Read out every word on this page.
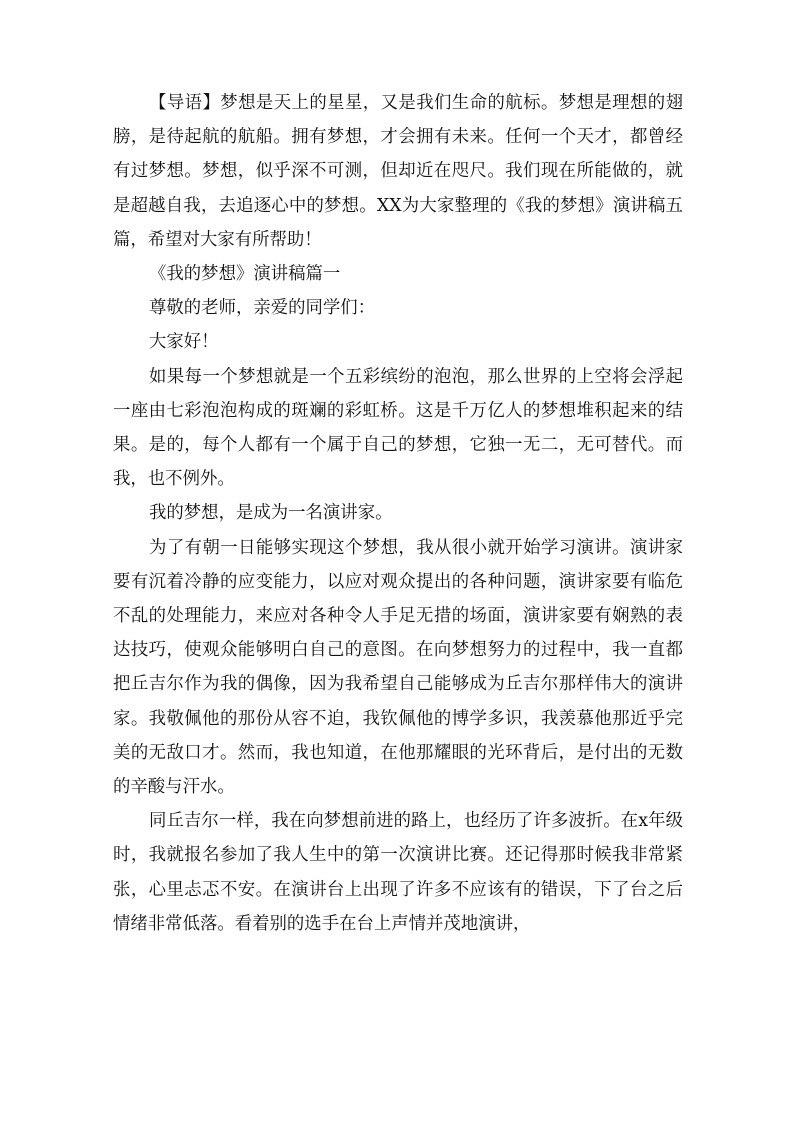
【导语】梦想是天上的星星，又是我们生命的航标。梦想是理想的翅膀，是待起航的航船。拥有梦想，才会拥有未来。任何一个天才，都曾经有过梦想。梦想，似乎深不可测，但却近在咫尺。我们现在所能做的，就是超越自我，去追逐心中的梦想。XX为大家整理的《我的梦想》演讲稿五篇，希望对大家有所帮助！

《我的梦想》演讲稿篇一

尊敬的老师，亲爱的同学们：

大家好！

如果每一个梦想就是一个五彩缤纷的泡泡，那么世界的上空将会浮起一座由七彩泡泡构成的斑斓的彩虹桥。这是千万亿人的梦想堆积起来的结果。是的，每个人都有一个属于自己的梦想，它独一无二，无可替代。而我，也不例外。

我的梦想，是成为一名演讲家。

为了有朝一日能够实现这个梦想，我从很小就开始学习演讲。演讲家要有沉着冷静的应变能力，以应对观众提出的各种问题，演讲家要有临危不乱的处理能力，来应对各种令人手足无措的场面，演讲家要有娴熟的表达技巧，使观众能够明白自己的意图。在向梦想努力的过程中，我一直都把丘吉尔作为我的偶像，因为我希望自己能够成为丘吉尔那样伟大的演讲家。我敬佩他的那份从容不迫，我钦佩他的博学多识，我羡慕他那近乎完美的无敌口才。然而，我也知道，在他那耀眼的光环背后，是付出的无数的辛酸与汗水。

同丘吉尔一样，我在向梦想前进的路上，也经历了许多波折。在x年级时，我就报名参加了我人生中的第一次演讲比赛。还记得那时候我非常紧张，心里忐忑不安。在演讲台上出现了许多不应该有的错误，下了台之后情绪非常低落。看着别的选手在台上声情并茂地演讲，
